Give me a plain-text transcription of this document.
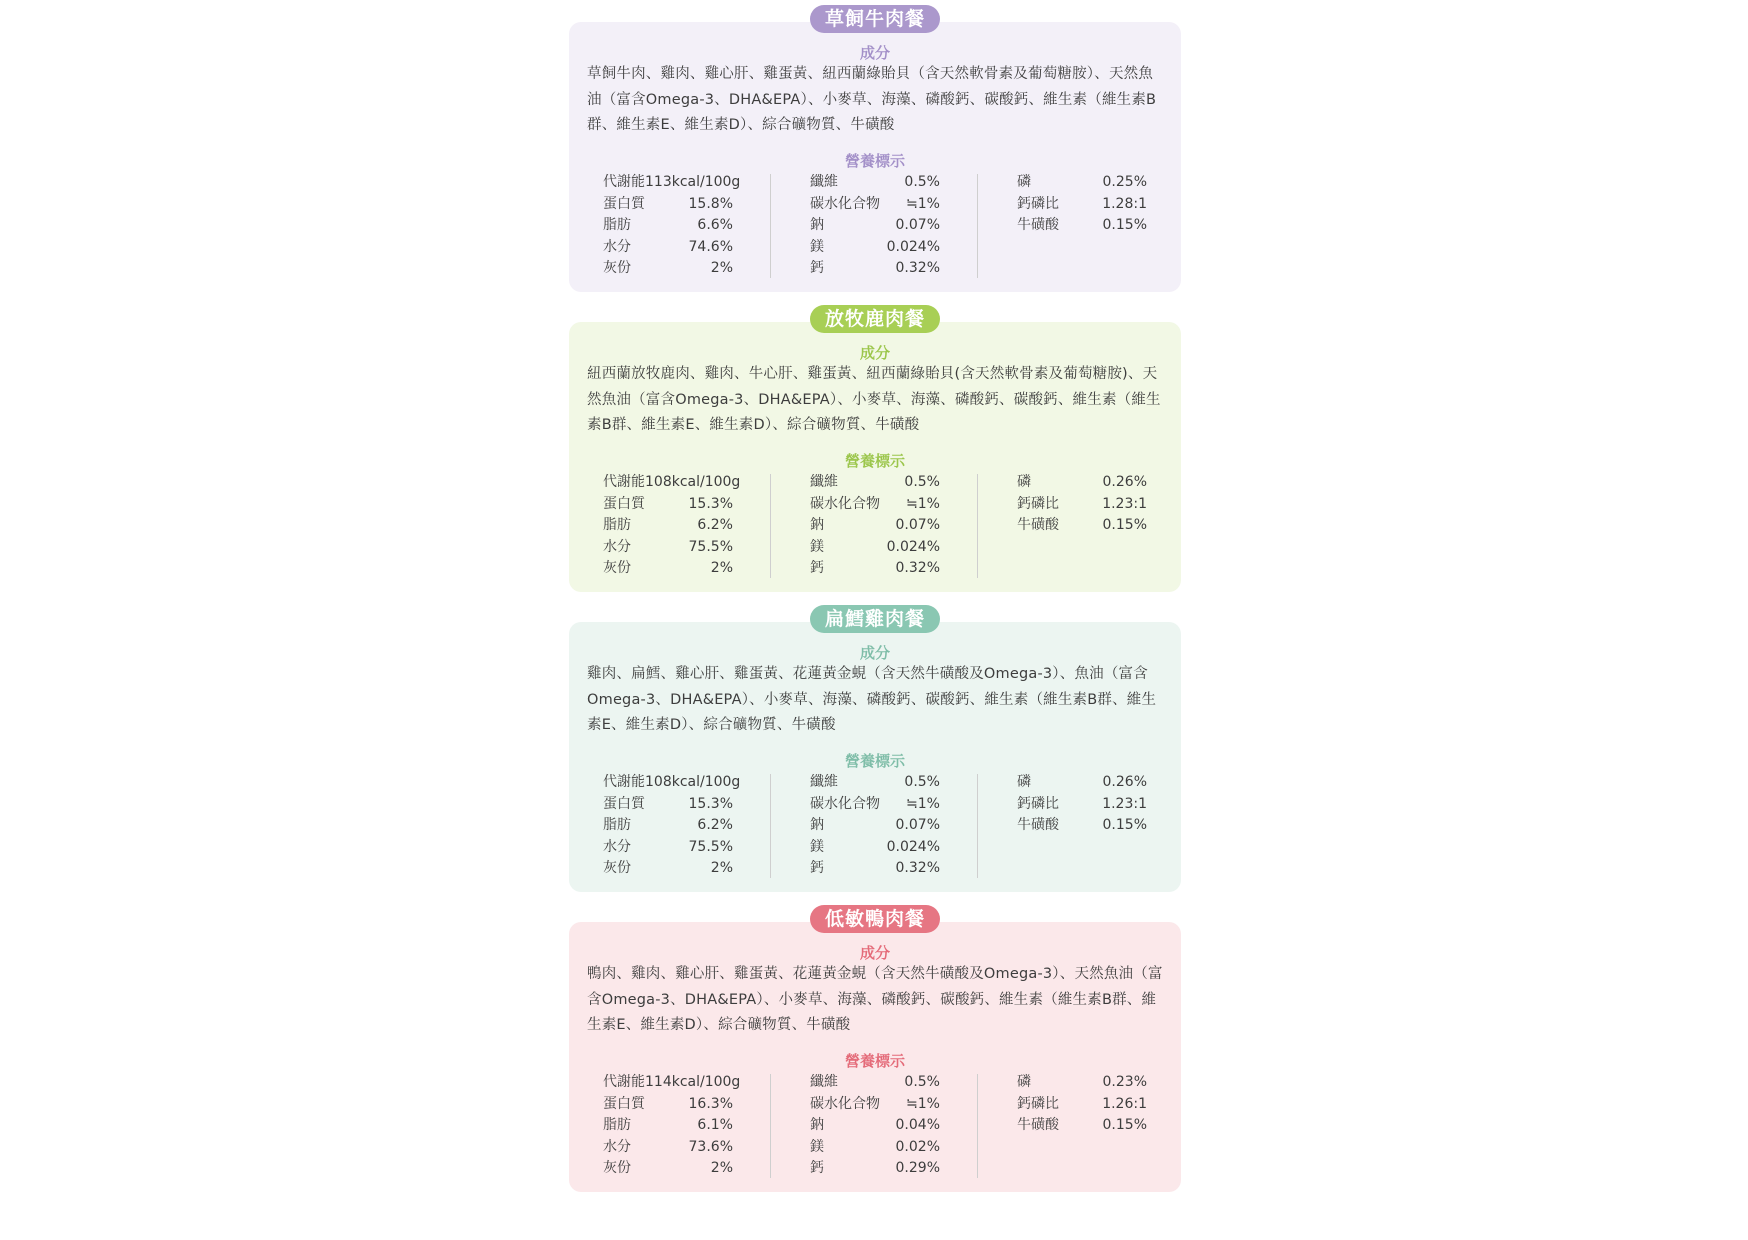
成分
草飼牛肉、雞肉、雞心肝、雞蛋黃、紐西蘭綠貽貝（含天然軟骨素及葡萄糖胺）、天然魚油（富含Omega-3、DHA&EPA）、小麥草、海藻、磷酸鈣、碳酸鈣、維生素（維生素B群、維生素E、維生素D）、綜合礦物質、牛磺酸
營養標示
代謝能113kcal/100g
蛋白質	15.8%
脂肪	6.6%
水分	74.6%
灰份	2%
纖維	0.5%
碳水化合物 ≒1%
鈉	0.07%
鎂	0.024%
鈣	0.32%
磷	0.25%
鈣磷比	1.28:1
牛磺酸	0.15%
草飼牛肉餐
成分
紐西蘭放牧鹿肉、雞肉、牛心肝、雞蛋黃、紐西蘭綠貽貝(含天然軟骨素及葡萄糖胺)、天然魚油（富含Omega-3、DHA&EPA）、小麥草、海藻、磷酸鈣、碳酸鈣、維生素（維生素B群、維生素E、維生素D）、綜合礦物質、牛磺酸
營養標示
代謝能108kcal/100g
蛋白質	15.3%
脂肪	6.2%
水分	75.5%
灰份	2%
纖維	0.5%
碳水化合物 ≒1%
鈉	0.07%
鎂	0.024%
鈣	0.32%
磷	0.26%
鈣磷比	1.23:1
牛磺酸	0.15%
放牧鹿肉餐
成分
雞肉、扁鱈、雞心肝、雞蛋黃、花蓮黃金蜆（含天然牛磺酸及Omega-3）、魚油（富含Omega-3、DHA&EPA）、小麥草、海藻、磷酸鈣、碳酸鈣、維生素（維生素B群、維生素E、維生素D）、綜合礦物質、牛磺酸
營養標示
代謝能108kcal/100g
蛋白質	15.3%
脂肪	6.2%
水分	75.5%
灰份	2%
纖維	0.5%
碳水化合物 ≒1%
鈉	0.07%
鎂	0.024%
鈣	0.32%
磷	0.26%
鈣磷比	1.23:1
牛磺酸	0.15%
扁鱈雞肉餐
成分
鴨肉、雞肉、雞心肝、雞蛋黃、花蓮黃金蜆（含天然牛磺酸及Omega-3）、天然魚油（富含Omega-3、DHA&EPA）、小麥草、海藻、磷酸鈣、碳酸鈣、維生素（維生素B群、維生素E、維生素D）、綜合礦物質、牛磺酸
營養標示
代謝能114kcal/100g
蛋白質	16.3%
脂肪	6.1%
水分	73.6%
灰份	2%
纖維	0.5%
碳水化合物 ≒1%
鈉	0.04%
鎂	0.02%
鈣	0.29%
磷	0.23%
鈣磷比	1.26:1
牛磺酸	0.15%
低敏鴨肉餐
